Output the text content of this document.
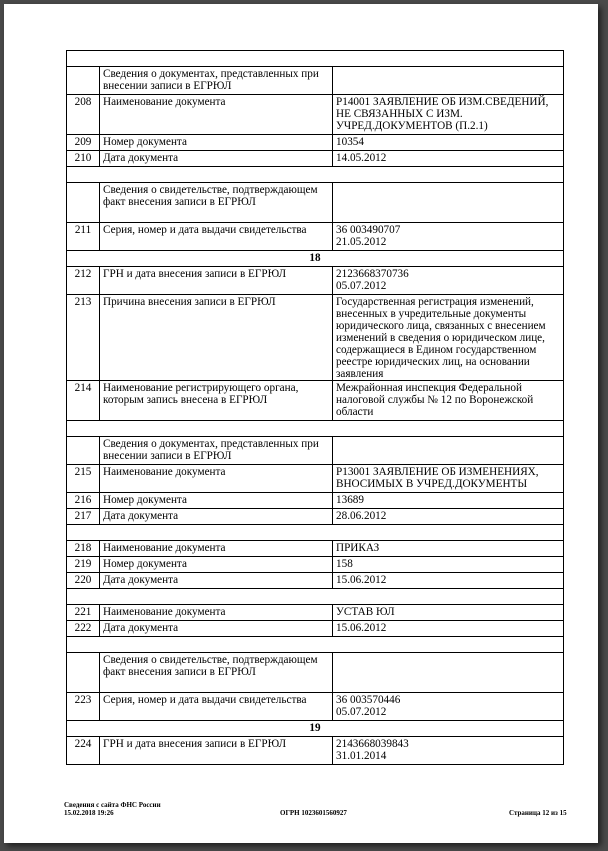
	Сведения о документах, представленных при внесении записи в ЕГРЮЛ	
208	Наименование документа	Р14001 ЗАЯВЛЕНИЕ ОБ ИЗМ.СВЕДЕНИЙ, НЕ СВЯЗАННЫХ С ИЗМ. УЧРЕД.ДОКУМЕНТОВ (П.2.1)
209	Номер документа	10354
210	Дата документа	14.05.2012

	Сведения о свидетельстве, подтверждающем факт внесения записи в ЕГРЮЛ	
211	Серия, номер и дата выдачи свидетельства	36 003490707
21.05.2012
18		
212	ГРН и дата внесения записи в ЕГРЮЛ	2123668370736
05.07.2012
213	Причина внесения записи в ЕГРЮЛ	Государственная регистрация изменений, внесенных в учредительные документы юридического лица, связанных с внесением изменений в сведения о юридическом лице, содержащиеся в Едином государственном реестре юридических лиц, на основании заявления
214	Наименование регистрирующего органа, которым запись внесена в ЕГРЮЛ	Межрайонная инспекция Федеральной налоговой службы № 12 по Воронежской области

	Сведения о документах, представленных при внесении записи в ЕГРЮЛ	
215	Наименование документа	Р13001 ЗАЯВЛЕНИЕ ОБ ИЗМЕНЕНИЯХ, ВНОСИМЫХ В УЧРЕД.ДОКУМЕНТЫ
216	Номер документа	13689
217	Дата документа	28.06.2012

218	Наименование документа	ПРИКАЗ
219	Номер документа	158
220	Дата документа	15.06.2012

221	Наименование документа	УСТАВ ЮЛ
222	Дата документа	15.06.2012

	Сведения о свидетельстве, подтверждающем факт внесения записи в ЕГРЮЛ	
223	Серия, номер и дата выдачи свидетельства	36 003570446
05.07.2012
19		
224	ГРН и дата внесения записи в ЕГРЮЛ	2143668039843
31.01.2014
Сведения с сайта ФНС России
15.02.2018 19:26	ОГРН 1023601560927	Страница 12 из 15
